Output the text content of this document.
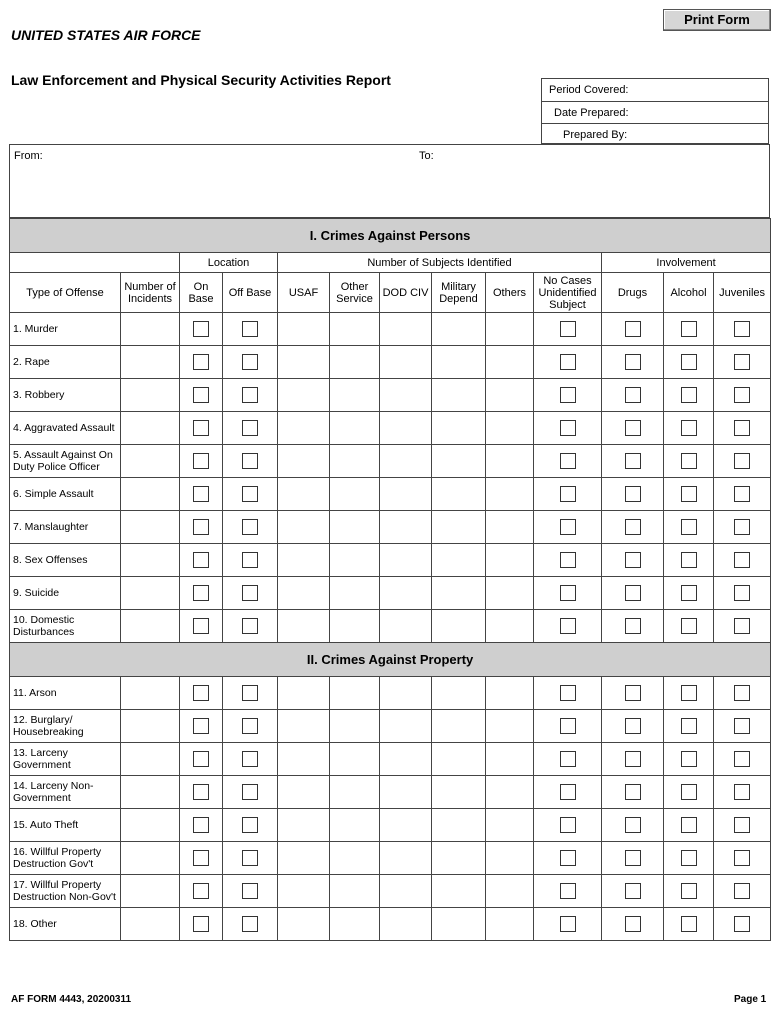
Print Form
UNITED STATES AIR FORCE
Law Enforcement and Physical Security Activities Report
Period Covered:
Date Prepared:
Prepared By:
From:	To:
I. Crimes Against Persons												
		Location		Number of Subjects Identified						Involvement		
Type of Offense	Number of Incidents	On Base	Off Base	USAF	Other Service	DOD CIV	Military Depend	Others	No Cases Unidentified Subject	Drugs	Alcohol	Juveniles
1. Murder												
2. Rape												
3. Robbery												
4. Aggravated Assault												
5. Assault Against On Duty Police Officer												
6. Simple Assault												
7. Manslaughter												
8. Sex Offenses												
9. Suicide												
10. Domestic Disturbances												
II. Crimes Against Property												
11. Arson												
12. Burglary/ Housebreaking												
13. Larceny Government												
14. Larceny Non-Government												
15. Auto Theft												
16. Willful Property Destruction Gov't												
17. Willful Property Destruction Non-Gov't												
18. Other												
AF FORM 4443, 20200311	Page 1
